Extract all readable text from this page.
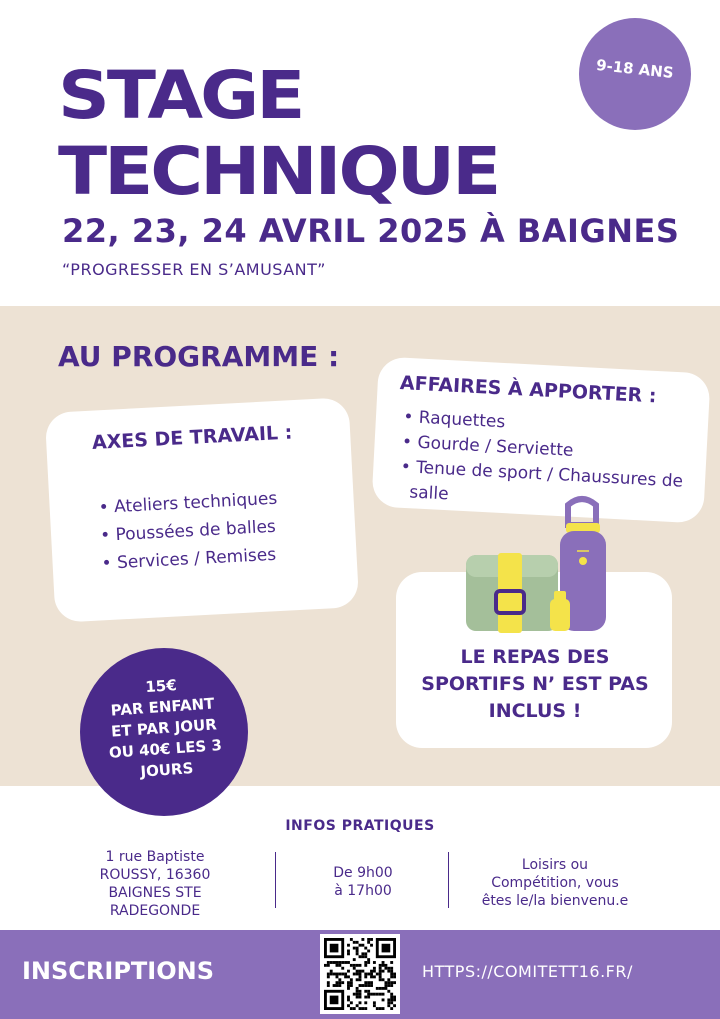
STAGE
TECHNIQUE
22, 23, 24 AVRIL 2025 À BAIGNES
“PROGRESSER EN S’AMUSANT”
9-18 ANS
AU PROGRAMME :
AXES DE TRAVAIL :
• Ateliers techniques
• Poussées de balles
• Services / Remises
AFFAIRES À APPORTER :
• Raquettes
• Gourde / Serviette
• Tenue de sport / Chaussures de salle
LE REPAS DES SPORTIFS N’ EST PAS INCLUS !
15€
PAR ENFANT
ET PAR JOUR
OU 40€ LES 3
JOURS
INFOS PRATIQUES
1 rue Baptiste
ROUSSY, 16360
BAIGNES STE
RADEGONDE
De 9h00
à 17h00
Loisirs ou
Compétition, vous
êtes le/la bienvenu.e
INSCRIPTIONS	HTTPS://COMITETT16.FR/
